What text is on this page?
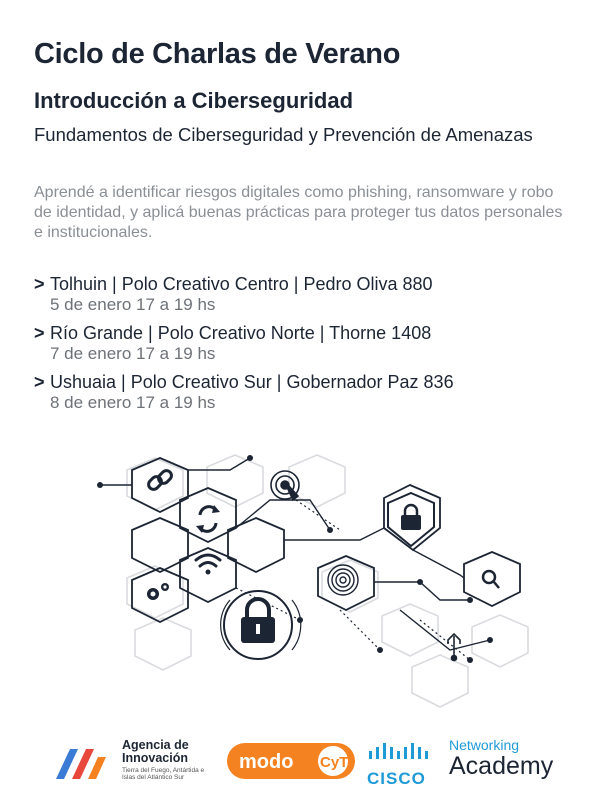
Ciclo de Charlas de Verano
Introducción a Ciberseguridad
Fundamentos de Ciberseguridad y Prevención de Amenazas

Aprendé a identificar riesgos digitales como phishing, ransomware y robo de identidad, y aplicá buenas prácticas para proteger tus datos personales e institucionales.

> Tolhuin | Polo Creativo Centro | Pedro Oliva 880
5 de enero 17 a 19 hs
> Río Grande | Polo Creativo Norte | Thorne 1408
7 de enero 17 a 19 hs
> Ushuaia | Polo Creativo Sur | Gobernador Paz 836
8 de enero 17 a 19 hs
Agencia de Innovación
Tierra del Fuego, Antártida e Islas del Atlántico Sur
modo CyT
CISCO
Networking
Academy
